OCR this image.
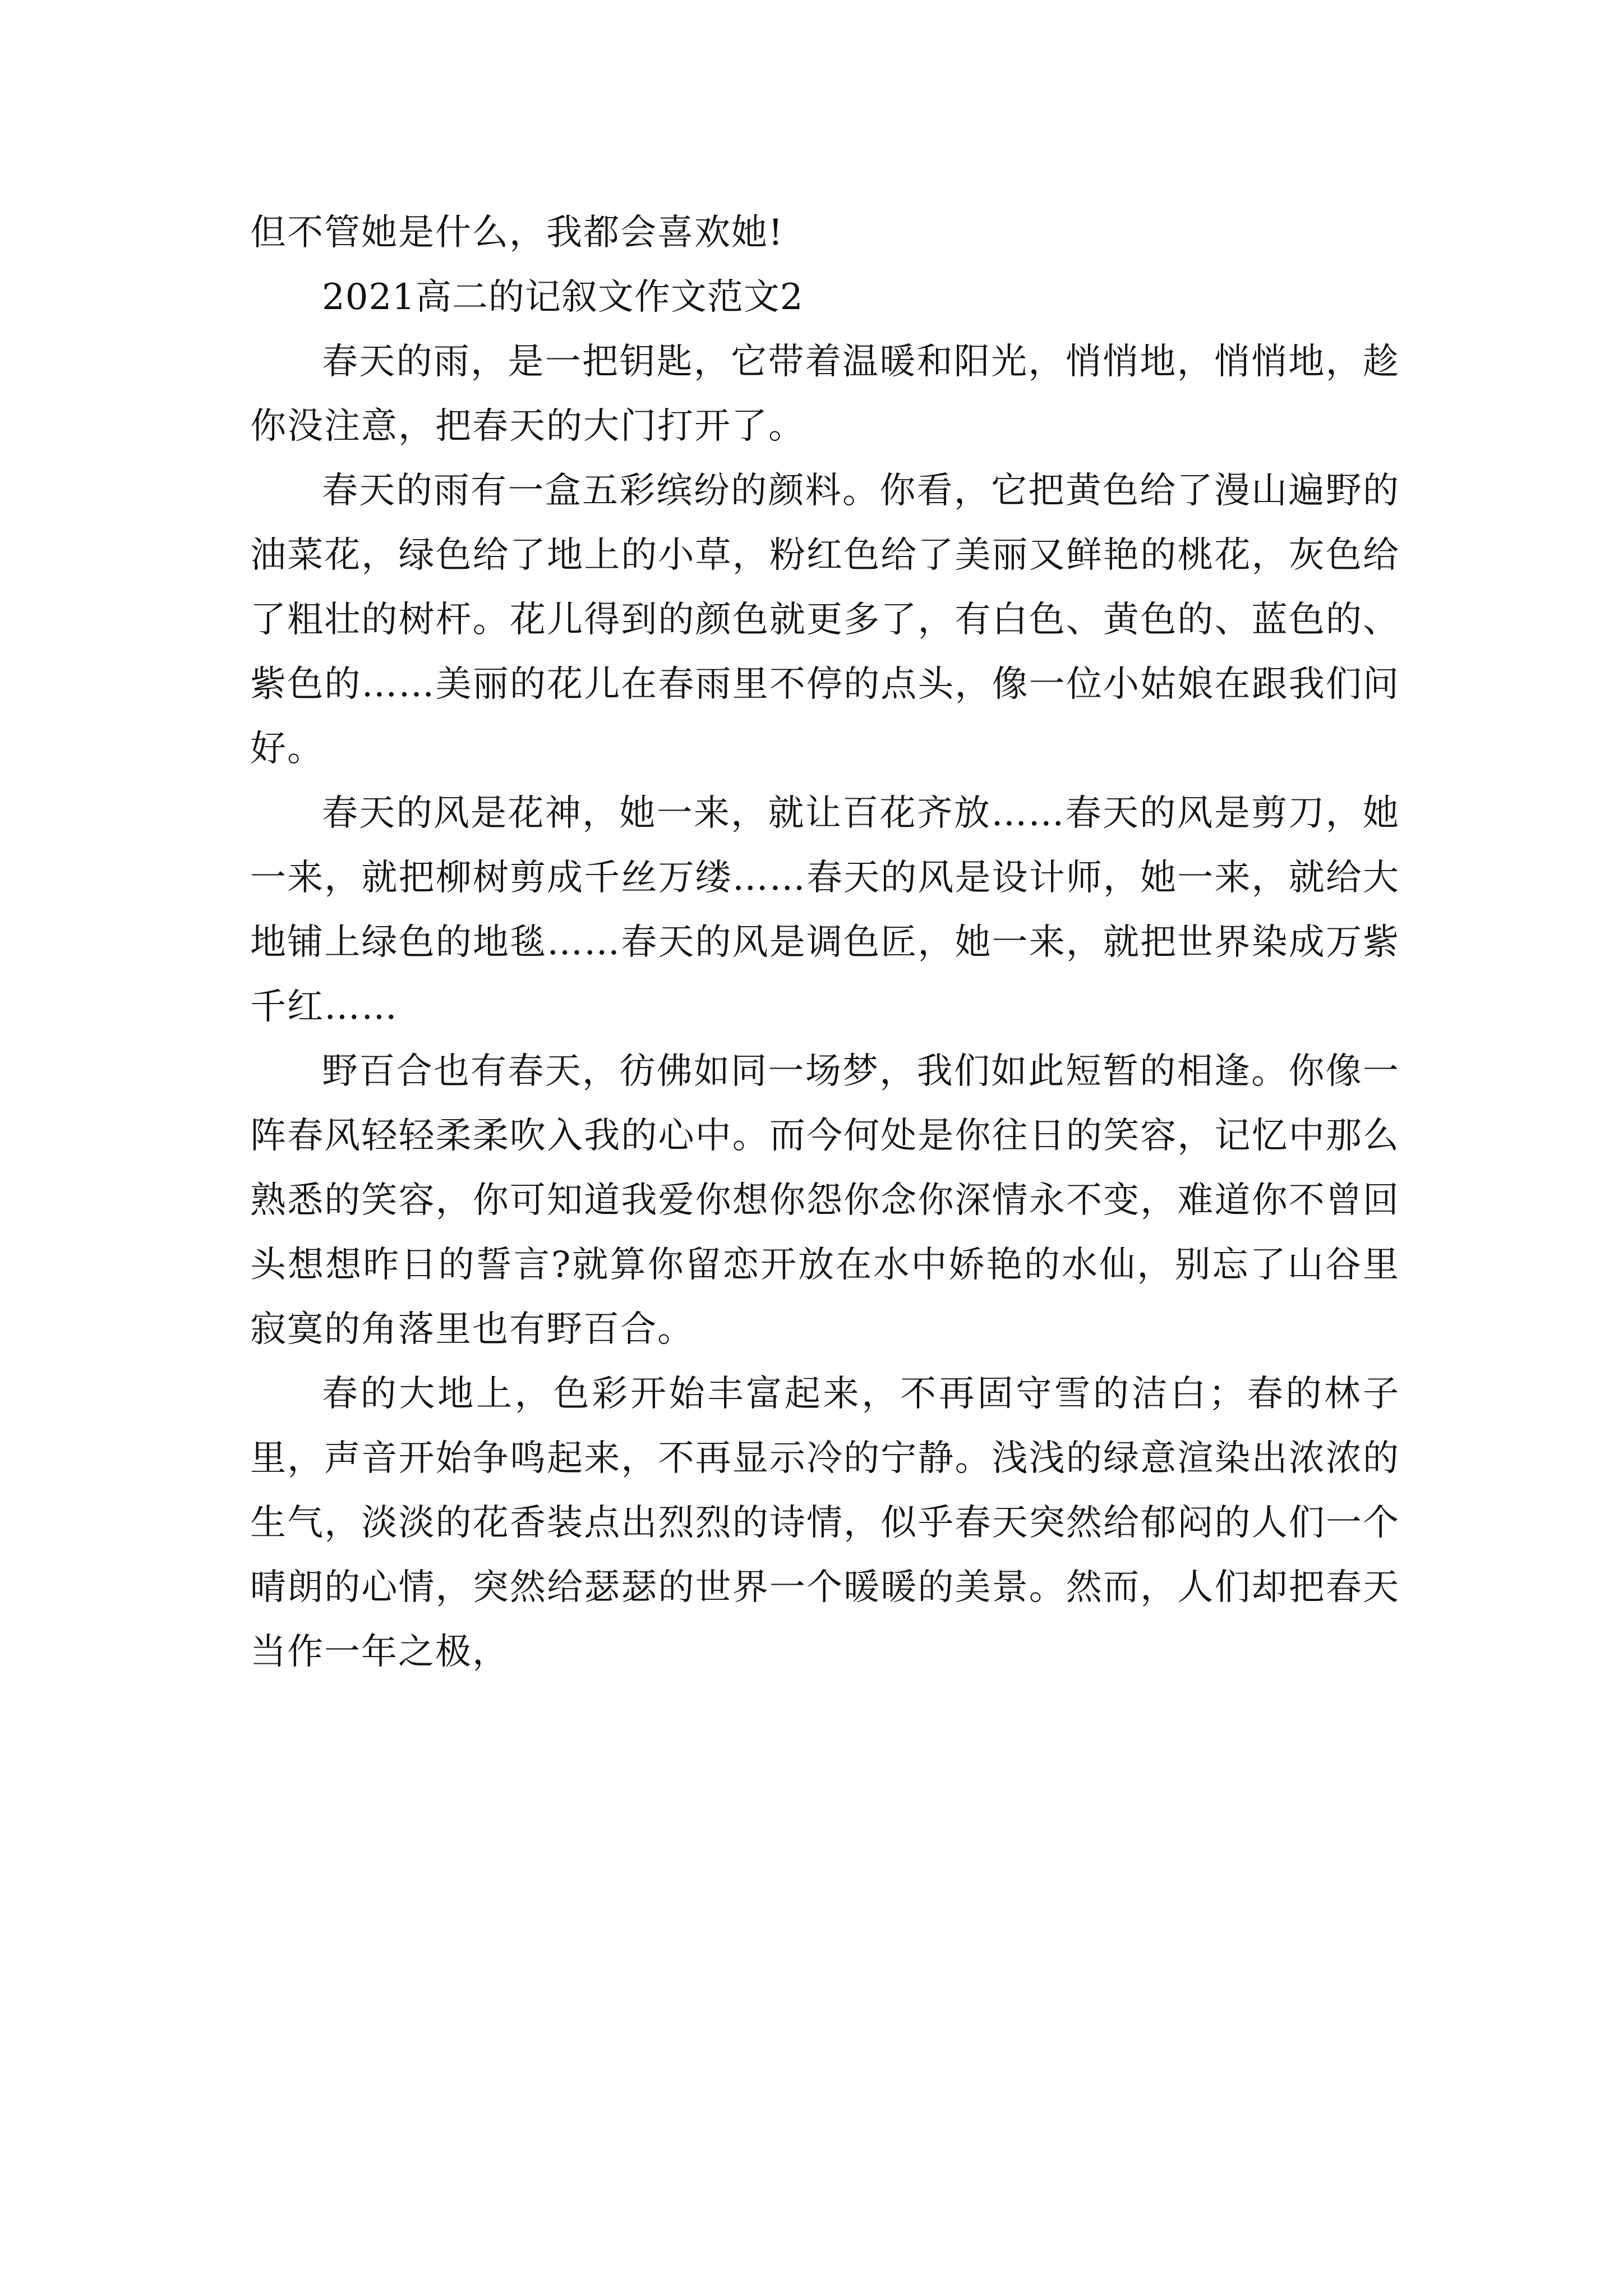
但不管她是什么，我都会喜欢她!

2021高二的记叙文作文范文2

春天的雨，是一把钥匙，它带着温暖和阳光，悄悄地，悄悄地，趁你没注意，把春天的大门打开了。

春天的雨有一盒五彩缤纷的颜料。你看，它把黄色给了漫山遍野的油菜花，绿色给了地上的小草，粉红色给了美丽又鲜艳的桃花，灰色给了粗壮的树杆。花儿得到的颜色就更多了，有白色、黄色的、蓝色的、紫色的……美丽的花儿在春雨里不停的点头，像一位小姑娘在跟我们问好。

春天的风是花神，她一来，就让百花齐放……春天的风是剪刀，她一来，就把柳树剪成千丝万缕……春天的风是设计师，她一来，就给大地铺上绿色的地毯……春天的风是调色匠，她一来，就把世界染成万紫千红……

野百合也有春天，彷佛如同一场梦，我们如此短暂的相逢。你像一阵春风轻轻柔柔吹入我的心中。而今何处是你往日的笑容，记忆中那么熟悉的笑容，你可知道我爱你想你怨你念你深情永不变，难道你不曾回头想想昨日的誓言?就算你留恋开放在水中娇艳的水仙，别忘了山谷里寂寞的角落里也有野百合。

春的大地上，色彩开始丰富起来，不再固守雪的洁白；春的林子里，声音开始争鸣起来，不再显示冷的宁静。浅浅的绿意渲染出浓浓的生气，淡淡的花香装点出烈烈的诗情，似乎春天突然给郁闷的人们一个晴朗的心情，突然给瑟瑟的世界一个暖暖的美景。然而，人们却把春天当作一年之极，
